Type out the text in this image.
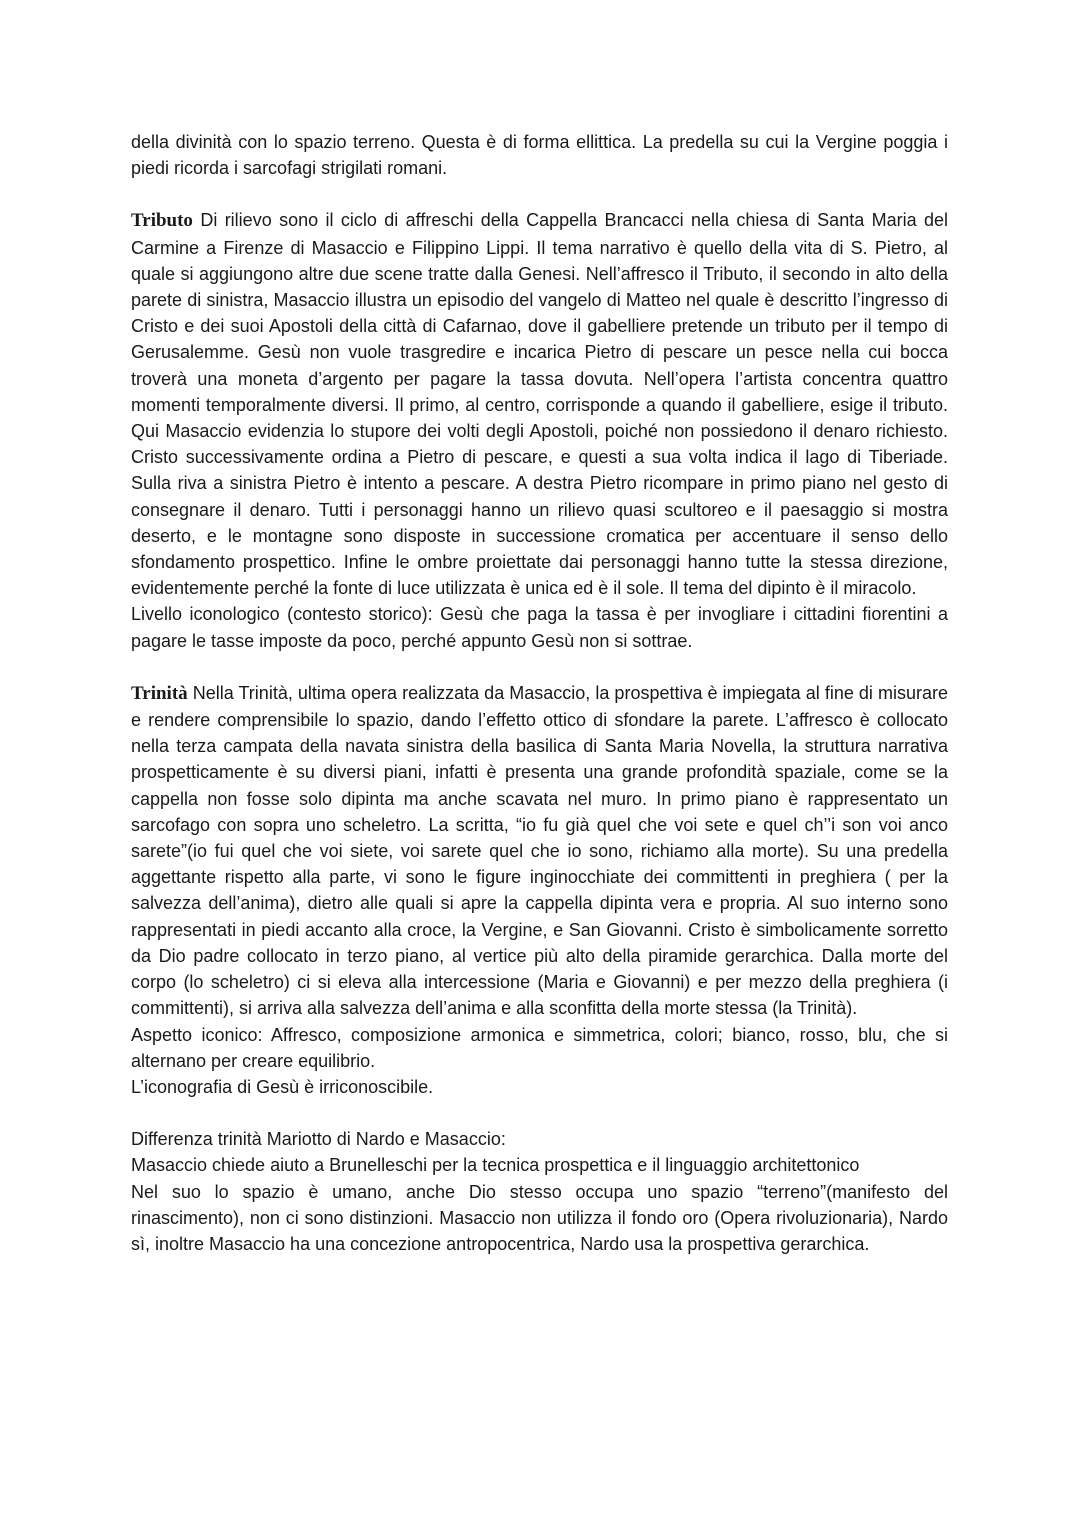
della divinità con lo spazio terreno. Questa è di forma ellittica. La predella su cui la Vergine poggia i piedi ricorda i sarcofagi strigilati romani.

Tributo Di rilievo sono il ciclo di affreschi della Cappella Brancacci nella chiesa di Santa Maria del Carmine a Firenze di Masaccio e Filippino Lippi. Il tema narrativo è quello della vita di S. Pietro, al quale si aggiungono altre due scene tratte dalla Genesi. Nell’affresco il Tributo, il secondo in alto della parete di sinistra, Masaccio illustra un episodio del vangelo di Matteo nel quale è descritto l’ingresso di Cristo e dei suoi Apostoli della città di Cafarnao, dove il gabelliere pretende un tributo per il tempo di Gerusalemme. Gesù non vuole trasgredire e incarica Pietro di pescare un pesce nella cui bocca troverà una moneta d’argento per pagare la tassa dovuta. Nell’opera l’artista concentra quattro momenti temporalmente diversi. Il primo, al centro, corrisponde a quando il gabelliere, esige il tributo. Qui Masaccio evidenzia lo stupore dei volti degli Apostoli, poiché non possiedono il denaro richiesto. Cristo successivamente ordina a Pietro di pescare, e questi a sua volta indica il lago di Tiberiade. Sulla riva a sinistra Pietro è intento a pescare. A destra Pietro ricompare in primo piano nel gesto di consegnare il denaro. Tutti i personaggi hanno un rilievo quasi scultoreo e il paesaggio si mostra deserto, e le montagne sono disposte in successione cromatica per accentuare il senso dello sfondamento prospettico. Infine le ombre proiettate dai personaggi hanno tutte la stessa direzione, evidentemente perché la fonte di luce utilizzata è unica ed è il sole. Il tema del dipinto è il miracolo.

Livello iconologico (contesto storico): Gesù che paga la tassa è per invogliare i cittadini fiorentini a pagare le tasse imposte da poco, perché appunto Gesù non si sottrae.

Trinità Nella Trinità, ultima opera realizzata da Masaccio, la prospettiva è impiegata al fine di misurare e rendere comprensibile lo spazio, dando l’effetto ottico di sfondare la parete. L’affresco è collocato nella terza campata della navata sinistra della basilica di Santa Maria Novella, la struttura narrativa prospetticamente è su diversi piani, infatti è presenta una grande profondità spaziale, come se la cappella non fosse solo dipinta ma anche scavata nel muro. In primo piano è rappresentato un sarcofago con sopra uno scheletro. La scritta, “io fu già quel che voi sete e quel ch’’i son voi anco sarete”(io fui quel che voi siete, voi sarete quel che io sono, richiamo alla morte). Su una predella aggettante rispetto alla parte, vi sono le figure inginocchiate dei committenti in preghiera ( per la salvezza dell’anima), dietro alle quali si apre la cappella dipinta vera e propria. Al suo interno sono rappresentati in piedi accanto alla croce, la Vergine, e San Giovanni. Cristo è simbolicamente sorretto da Dio padre collocato in terzo piano, al vertice più alto della piramide gerarchica. Dalla morte del corpo (lo scheletro) ci si eleva alla intercessione (Maria e Giovanni) e per mezzo della preghiera (i committenti), si arriva alla salvezza dell’anima e alla sconfitta della morte stessa (la Trinità).

Aspetto iconico: Affresco, composizione armonica e simmetrica, colori; bianco, rosso, blu, che si alternano per creare equilibrio.

L’iconografia di Gesù è irriconoscibile.

Differenza trinità Mariotto di Nardo e Masaccio:

Masaccio chiede aiuto a Brunelleschi per la tecnica prospettica e il linguaggio architettonico

Nel suo lo spazio è umano, anche Dio stesso occupa uno spazio “terreno”(manifesto del rinascimento), non ci sono distinzioni. Masaccio non utilizza il fondo oro (Opera rivoluzionaria), Nardo sì, inoltre Masaccio ha una concezione antropocentrica, Nardo usa la prospettiva gerarchica.
